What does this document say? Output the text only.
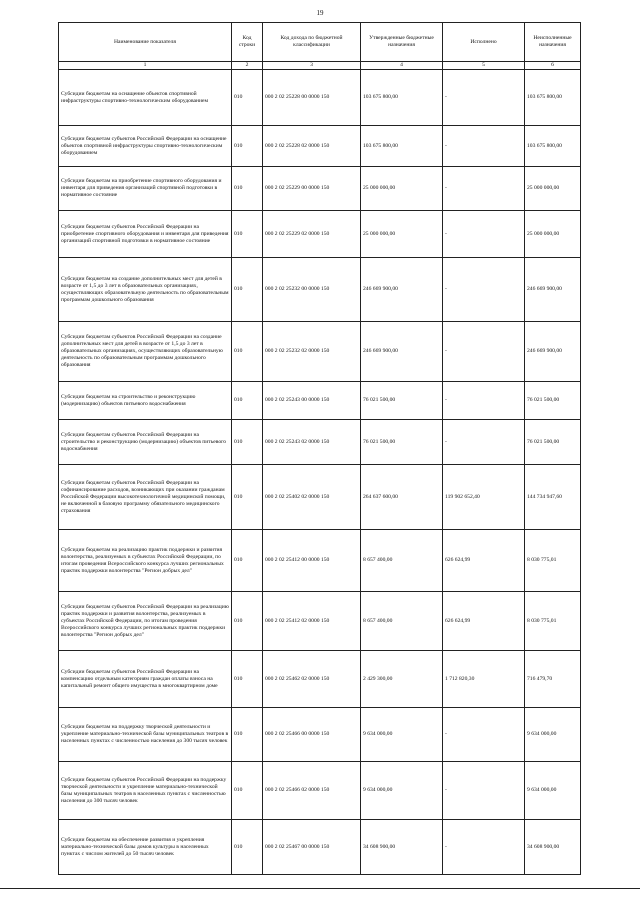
19
Наименование показателя	Код строки	Код дохода по бюджетной классификации	Утвержденные бюджетные назначения	Исполнено	Неисполненные назначения
1	2	3	4	5	6
Субсидии бюджетам на оснащение объектов спортивной инфраструктуры спортивно-технологическим оборудованием	010	000 2 02 25228 00 0000 150	103 675 800,00	-	103 675 800,00
Субсидии бюджетам субъектов Российской Федерации на оснащение объектов спортивной инфраструктуры спортивно-технологическим оборудованием	010	000 2 02 25228 02 0000 150	103 675 800,00	-	103 675 800,00
Субсидии бюджетам на приобретение спортивного оборудования и инвентаря для приведения организаций спортивной подготовки в нормативное состояние	010	000 2 02 25229 00 0000 150	25 000 000,00	-	25 000 000,00
Субсидии бюджетам субъектов Российской Федерации на приобретение спортивного оборудования и инвентаря для приведения организаций спортивной подготовки в нормативное состояние	010	000 2 02 25229 02 0000 150	25 000 000,00	-	25 000 000,00
Субсидии бюджетам на создание дополнительных мест для детей в возрасте от 1,5 до 3 лет в образовательных организациях, осуществляющих образовательную деятельность по образовательным программам дошкольного образования	010	000 2 02 25232 00 0000 150	246 669 900,00	-	246 669 900,00
Субсидии бюджетам субъектов Российской Федерации на создание дополнительных мест для детей в возрасте от 1,5 до 3 лет в образовательных организациях, осуществляющих образовательную деятельность по образовательным программам дошкольного образования	010	000 2 02 25232 02 0000 150	246 669 900,00	-	246 669 900,00
Субсидии бюджетам на строительство и реконструкцию (модернизацию) объектов питьевого водоснабжения	010	000 2 02 25243 00 0000 150	76 021 500,00	-	76 021 500,00
Субсидии бюджетам субъектов Российской Федерации на строительство и реконструкцию (модернизацию) объектов питьевого водоснабжения	010	000 2 02 25243 02 0000 150	76 021 500,00	-	76 021 500,00
Субсидии бюджетам субъектов Российской Федерации на софинансирование расходов, возникающих при оказании гражданам Российской Федерации высокотехнологичной медицинской помощи, не включенной в базовую программу обязательного медицинского страхования	010	000 2 02 25402 02 0000 150	264 637 600,00	119 902 652,40	144 734 947,60
Субсидии бюджетам на реализацию практик поддержки и развития волонтерства, реализуемых в субъектах Российской Федерации, по итогам проведения Всероссийского конкурса лучших региональных практик поддержки волонтерства "Регион добрых дел"	010	000 2 02 25412 00 0000 150	8 657 400,00	626 624,99	8 030 775,01
Субсидии бюджетам субъектов Российской Федерации на реализацию практик поддержки и развития волонтерства, реализуемых в субъектах Российской Федерации, по итогам проведения Всероссийского конкурса лучших региональных практик поддержки волонтерства "Регион добрых дел"	010	000 2 02 25412 02 0000 150	8 657 400,00	626 624,99	8 030 775,01
Субсидии бюджетам субъектов Российской Федерации на компенсацию отдельным категориям граждан оплаты взноса на капитальный ремонт общего имущества в многоквартирном доме	010	000 2 02 25462 02 0000 150	2 429 300,00	1 712 820,30	716 479,70
Субсидии бюджетам на поддержку творческой деятельности и укрепление материально-технической базы муниципальных театров в населенных пунктах с численностью населения до 300 тысяч человек	010	000 2 02 25466 00 0000 150	9 634 000,00	-	9 634 000,00
Субсидии бюджетам субъектов Российской Федерации на поддержку творческой деятельности и укрепление материально-технической базы муниципальных театров в населенных пунктах с численностью населения до 300 тысяч человек	010	000 2 02 25466 02 0000 150	9 634 000,00	-	9 634 000,00
Субсидии бюджетам на обеспечение развития и укрепления материально-технической базы домов культуры в населенных пунктах с числом жителей до 50 тысяч человек	010	000 2 02 25467 00 0000 150	34 608 900,00	-	34 608 900,00
